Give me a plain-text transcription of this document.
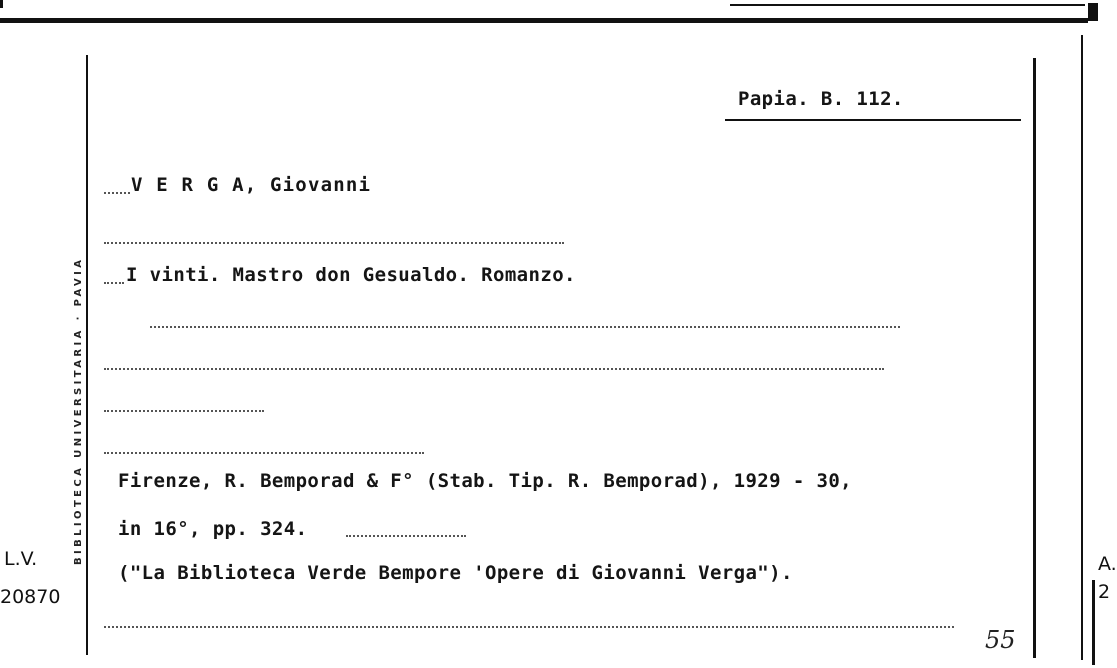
BIBLIOTECA UNIVERSITARIA · PAVIA
Papia. B. 112.
V E R G A, Giovanni
I vinti. Mastro don Gesualdo. Romanzo.
Firenze, R. Bemporad & F° (Stab. Tip. R. Bemporad), 1929 - 30,
in 16°, pp. 324.
("La Biblioteca Verde Bempore 'Opere di Giovanni Verga").
55
L.V.
20870
A.
2
